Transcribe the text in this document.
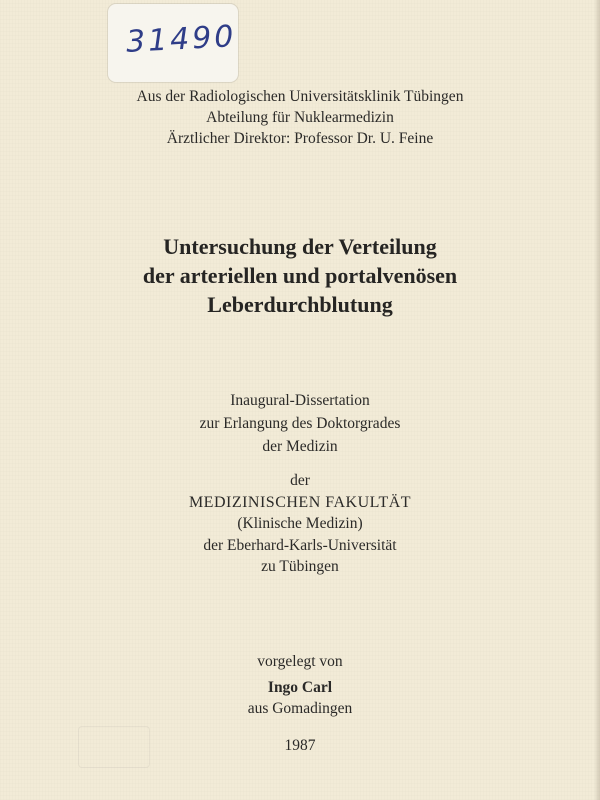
31490
Aus der Radiologischen Universitätsklinik Tübingen
Abteilung für Nuklearmedizin
Ärztlicher Direktor: Professor Dr. U. Feine
Untersuchung der Verteilung
der arteriellen und portalvenösen
Leberdurchblutung
Inaugural-Dissertation
zur Erlangung des Doktorgrades
der Medizin
der
MEDIZINISCHEN FAKULTÄT
(Klinische Medizin)
der Eberhard-Karls-Universität
zu Tübingen
vorgelegt von
Ingo Carl
aus Gomadingen
1987
